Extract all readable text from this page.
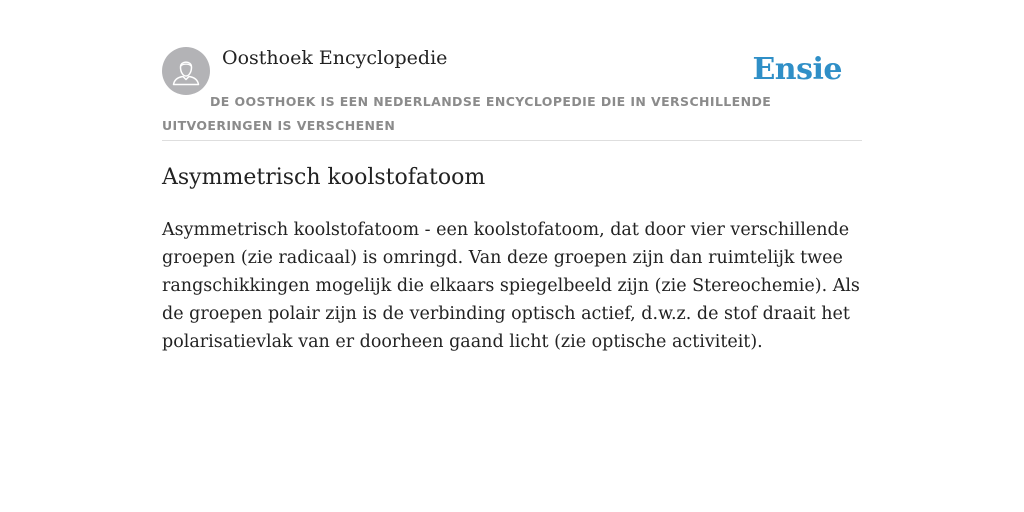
Oosthoek Encyclopedie	Ensie
DE OOSTHOEK IS EEN NEDERLANDSE ENCYCLOPEDIE DIE IN VERSCHILLENDE UITVOERINGEN IS VERSCHENEN
Asymmetrisch koolstofatoom

Asymmetrisch koolstofatoom - een koolstofatoom, dat door vier verschillende groepen (zie radicaal) is omringd. Van deze groepen zijn dan ruimtelijk twee rangschikkingen mogelijk die elkaars spiegelbeeld zijn (zie Stereochemie). Als de groepen polair zijn is de verbinding optisch actief, d.w.z. de stof draait het polarisatievlak van er doorheen gaand licht (zie optische activiteit).
